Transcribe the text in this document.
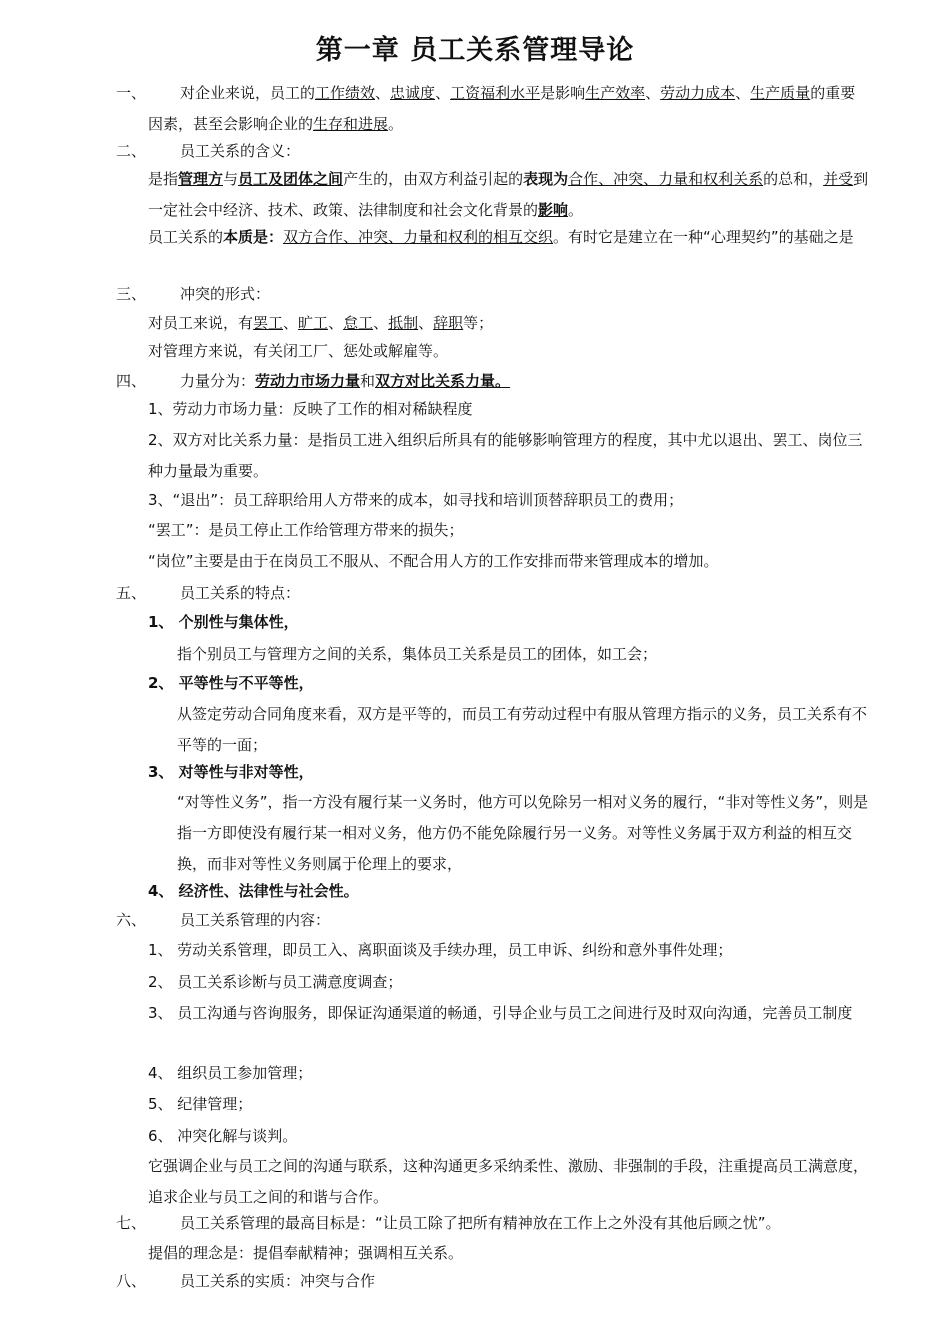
第一章 员工关系管理导论
一、	对企业来说，员工的工作绩效、忠诚度、工资福利水平是影响生产效率、劳动力成本、生产质量的重要因素，甚至会影响企业的生存和进展。
二、 员工关系的含义：
是指管理方与员工及团体之间产生的，由双方利益引起的表现为合作、冲突、力量和权利关系的总和，并受到一定社会中经济、技术、政策、法律制度和社会文化背景的影响。
员工关系的本质是：双方合作、冲突、力量和权利的相互交织。有时它是建立在一种“心理契约”的基础之是
三、 冲突的形式：
对员工来说，有罢工、旷工、怠工、抵制、辞职等；
对管理方来说，有关闭工厂、惩处或解雇等。
四、 力量分为：劳动力市场力量和双方对比关系力量。
1、劳动力市场力量：反映了工作的相对稀缺程度
2、双方对比关系力量：是指员工进入组织后所具有的能够影响管理方的程度，其中尤以退出、罢工、岗位三种力量最为重要。
3、“退出”：员工辞职给用人方带来的成本，如寻找和培训顶替辞职员工的费用；
“罢工”：是员工停止工作给管理方带来的损失；
“岗位”主要是由于在岗员工不服从、不配合用人方的工作安排而带来管理成本的增加。
五、 员工关系的特点：
1、 个别性与集体性，
指个别员工与管理方之间的关系，集体员工关系是员工的团体，如工会；
2、 平等性与不平等性，
从签定劳动合同角度来看，双方是平等的，而员工有劳动过程中有服从管理方指示的义务，员工关系有不平等的一面；
3、 对等性与非对等性，
“对等性义务”，指一方没有履行某一义务时，他方可以免除另一相对义务的履行，“非对等性义务”，则是指一方即使没有履行某一相对义务，他方仍不能免除履行另一义务。对等性义务属于双方利益的相互交换，而非对等性义务则属于伦理上的要求，
4、 经济性、法律性与社会性。
六、 员工关系管理的内容：
1、 劳动关系管理，即员工入、离职面谈及手续办理，员工申诉、纠纷和意外事件处理；
2、 员工关系诊断与员工满意度调查；
3、 员工沟通与咨询服务，即保证沟通渠道的畅通，引导企业与员工之间进行及时双向沟通，完善员工制度
4、 组织员工参加管理；
5、 纪律管理；
6、 冲突化解与谈判。
它强调企业与员工之间的沟通与联系，这种沟通更多采纳柔性、激励、非强制的手段，注重提高员工满意度，追求企业与员工之间的和谐与合作。
七、 员工关系管理的最高目标是：“让员工除了把所有精神放在工作上之外没有其他后顾之忧”。
提倡的理念是：提倡奉献精神；强调相互关系。
八、 员工关系的实质：冲突与合作
